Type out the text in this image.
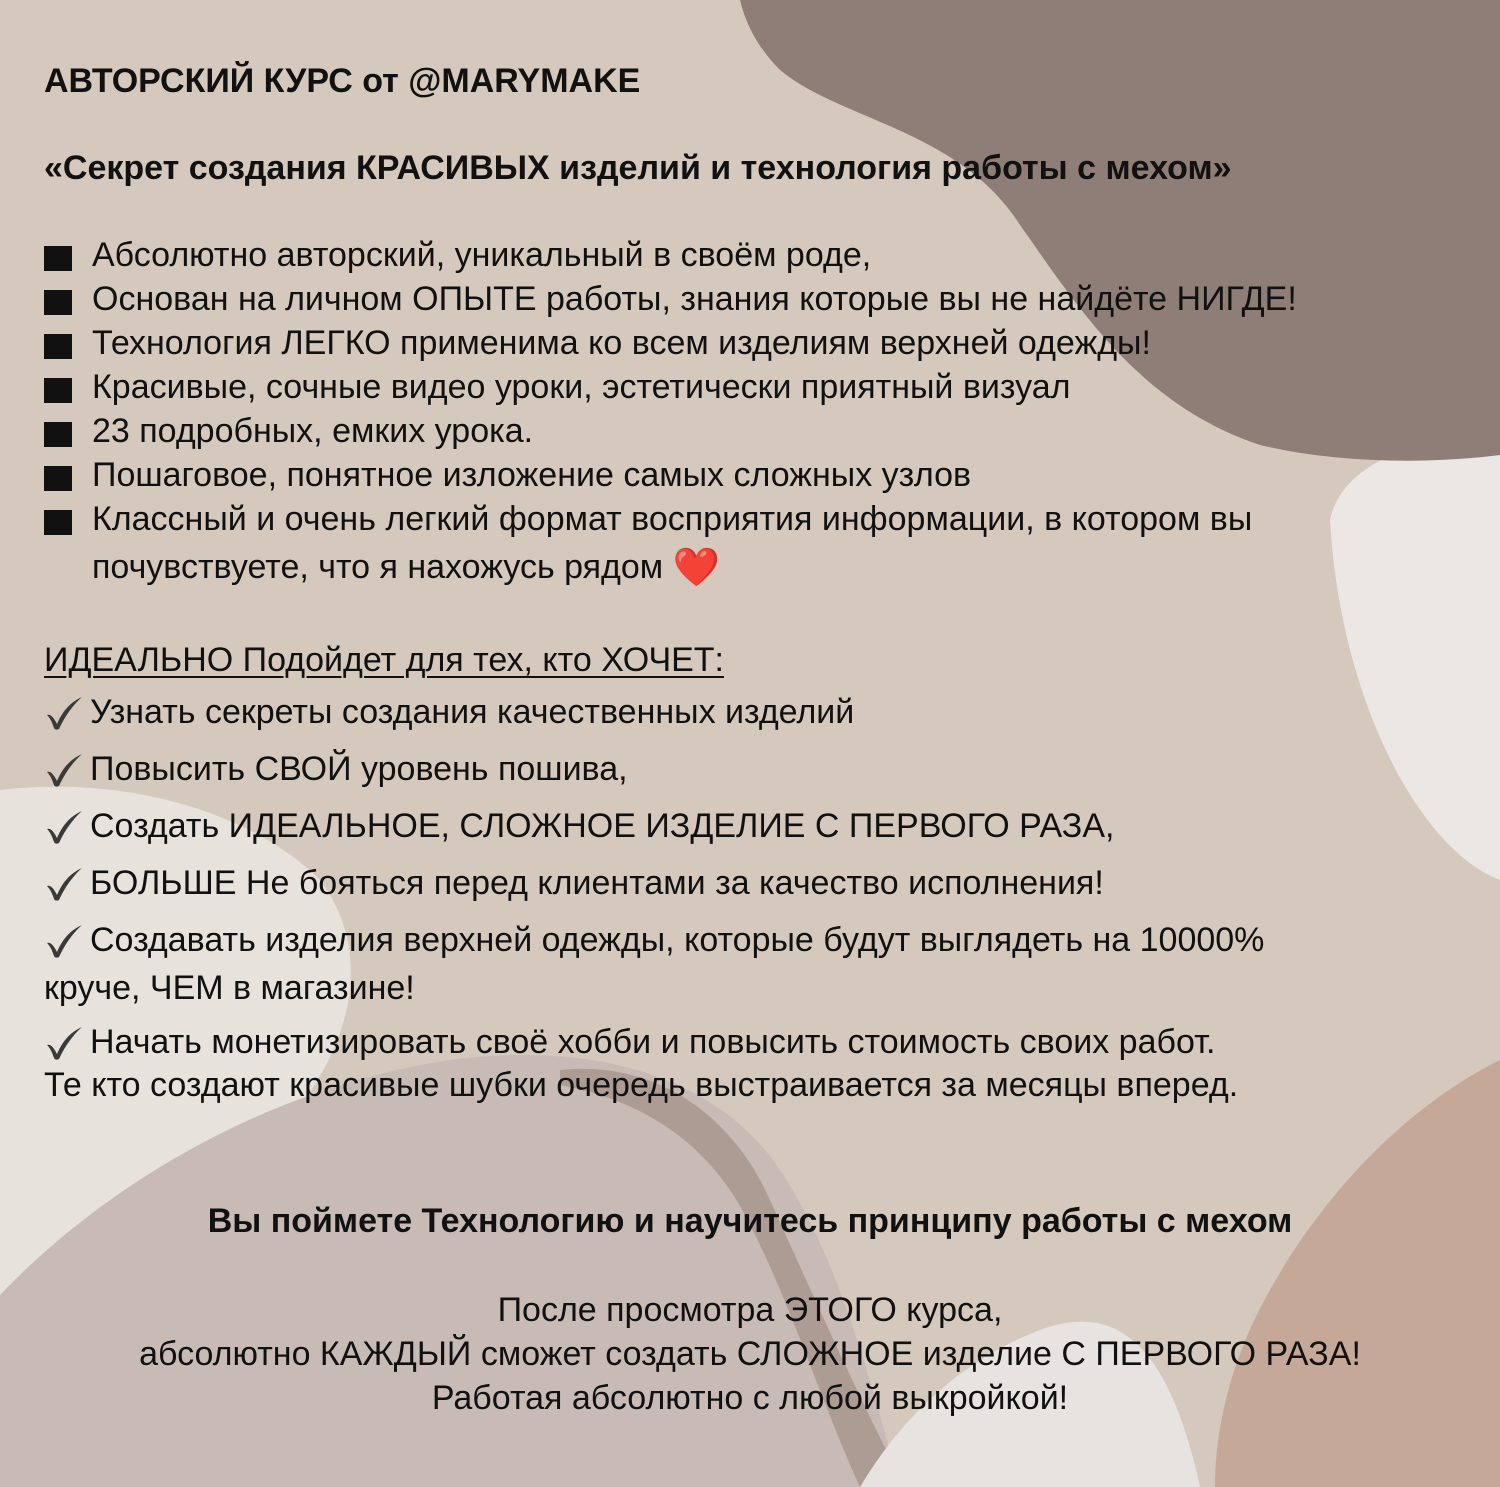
АВТОРСКИЙ КУРС от @MARYMAKE
«Секрет создания КРАСИВЫХ изделий и технология работы с мехом»
Абсолютно авторский, уникальный в своём роде,
Основан на личном ОПЫТЕ работы, знания которые вы не найдёте НИГДЕ!
Технология ЛЕГКО применима ко всем изделиям верхней одежды!
Красивые, сочные видео уроки, эстетически приятный визуал
23 подробных, емких урока.
Пошаговое, понятное изложение самых сложных узлов
Классный и очень легкий формат восприятия информации, в котором вы
почувствуете, что я нахожусь рядом ❤️
ИДЕАЛЬНО Подойдет для тех, кто ХОЧЕТ:
Узнать секреты создания качественных изделий
Повысить СВОЙ уровень пошива,
Создать ИДЕАЛЬНОЕ, СЛОЖНОЕ ИЗДЕЛИЕ С ПЕРВОГО РАЗА,
БОЛЬШЕ Не бояться перед клиентами за качество исполнения!
Создавать изделия верхней одежды, которые будут выглядеть на 10000%
круче, ЧЕМ в магазине!
Начать монетизировать своё хобби и повысить стоимость своих работ.
Те кто создают красивые шубки очередь выстраивается за месяцы вперед.
Вы поймете Технологию и научитесь принципу работы с мехом
После просмотра ЭТОГО курса,
абсолютно КАЖДЫЙ сможет создать СЛОЖНОЕ изделие С ПЕРВОГО РАЗА!
Работая абсолютно с любой выкройкой!
